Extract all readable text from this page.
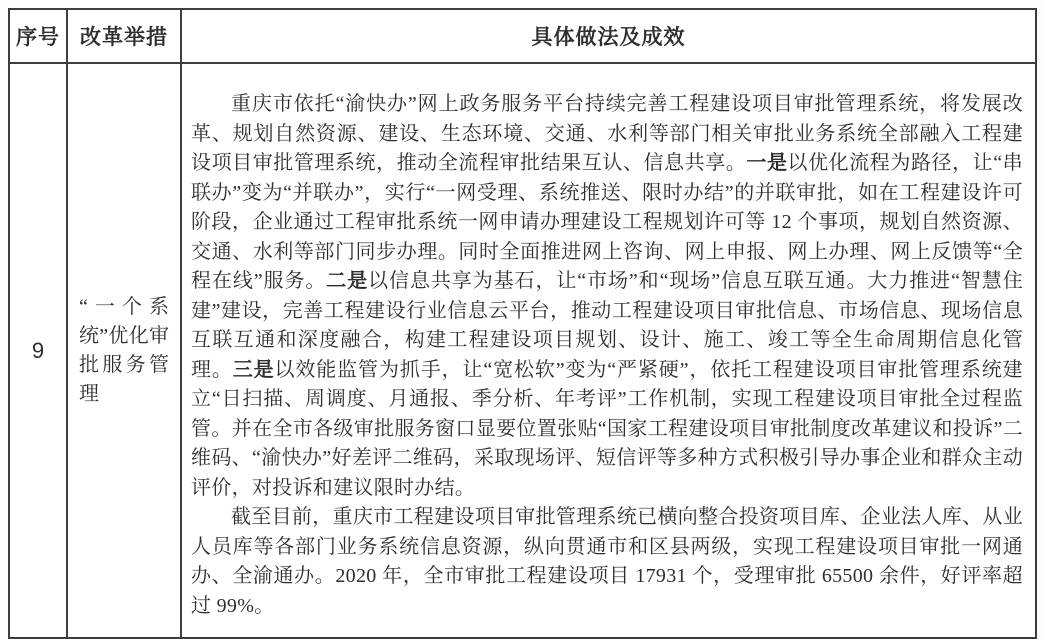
序号	改革举措	具体做法及成效
9	“一个系统”优化审批服务管理	重庆市依托“渝快办”网上政务服务平台持续完善工程建设项目审批管理系统，将发展改革、规划自然资源、建设、生态环境、交通、水利等部门相关审批业务系统全部融入工程建设项目审批管理系统，推动全流程审批结果互认、信息共享。一是以优化流程为路径，让“串联办”变为“并联办”，实行“一网受理、系统推送、限时办结”的并联审批，如在工程建设许可阶段，企业通过工程审批系统一网申请办理建设工程规划许可等 12 个事项，规划自然资源、交通、水利等部门同步办理。同时全面推进网上咨询、网上申报、网上办理、网上反馈等“全程在线”服务。二是以信息共享为基石，让“市场”和“现场”信息互联互通。大力推进“智慧住建”建设，完善工程建设行业信息云平台，推动工程建设项目审批信息、市场信息、现场信息互联互通和深度融合，构建工程建设项目规划、设计、施工、竣工等全生命周期信息化管理。三是以效能监管为抓手，让“宽松软”变为“严紧硬”，依托工程建设项目审批管理系统建立“日扫描、周调度、月通报、季分析、年考评”工作机制，实现工程建设项目审批全过程监管。并在全市各级审批服务窗口显要位置张贴“国家工程建设项目审批制度改革建议和投诉”二维码、“渝快办”好差评二维码，采取现场评、短信评等多种方式积极引导办事企业和群众主动评价，对投诉和建议限时办结。

截至目前，重庆市工程建设项目审批管理系统已横向整合投资项目库、企业法人库、从业人员库等各部门业务系统信息资源，纵向贯通市和区县两级，实现工程建设项目审批一网通办、全渝通办。2020 年，全市审批工程建设项目 17931 个，受理审批 65500 余件，好评率超过 99%。
